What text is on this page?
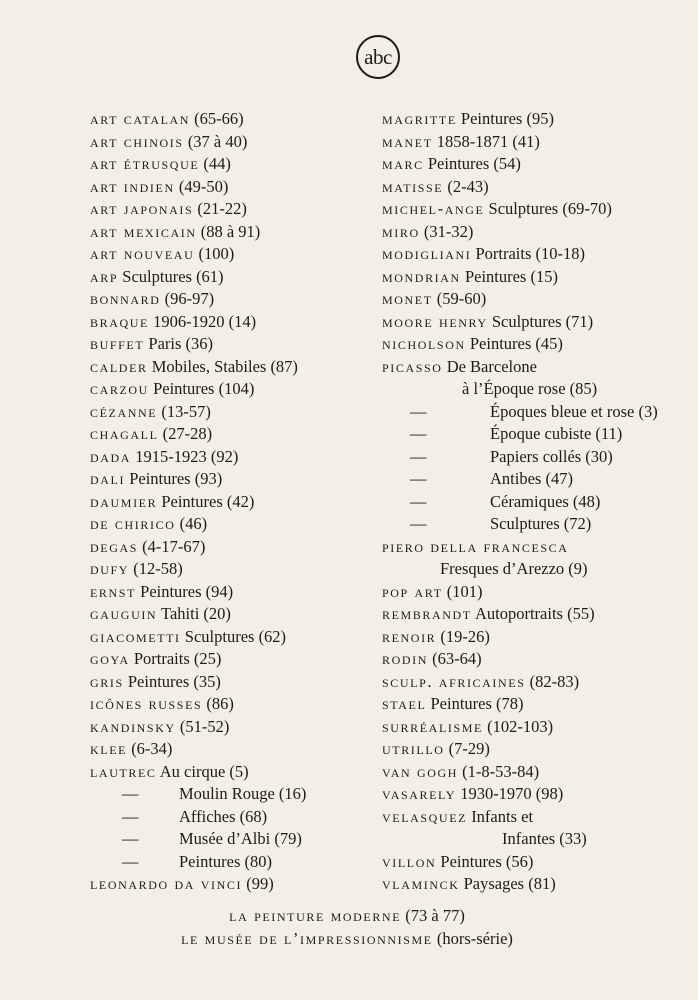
abc
art catalan (65-66)
art chinois (37 à 40)
art étrusque (44)
art indien (49-50)
art japonais (21-22)
art mexicain (88 à 91)
art nouveau (100)
arp Sculptures (61)
bonnard (96-97)
braque 1906-1920 (14)
buffet Paris (36)
calder Mobiles, Stabiles (87)
carzou Peintures (104)
cézanne (13-57)
chagall (27-28)
dada 1915-1923 (92)
dali Peintures (93)
daumier Peintures (42)
de chirico (46)
degas (4-17-67)
dufy (12-58)
ernst Peintures (94)
gauguin Tahiti (20)
giacometti Sculptures (62)
goya Portraits (25)
gris Peintures (35)
icônes russes (86)
kandinsky (51-52)
klee (6-34)
lautrec Au cirque (5)
— Moulin Rouge (16)
— Affiches (68)
— Musée d’Albi (79)
— Peintures (80)
leonardo da vinci (99)
magritte Peintures (95)
manet 1858-1871 (41)
marc Peintures (54)
matisse (2-43)
michel-ange Sculptures (69-70)
miro (31-32)
modigliani Portraits (10-18)
mondrian Peintures (15)
monet (59-60)
moore henry Sculptures (71)
nicholson Peintures (45)
picasso De Barcelone
à l’Époque rose (85)
—	Époques bleue et rose (3)
—	Époque cubiste (11)
—	Papiers collés (30)
—	Antibes (47)
—	Céramiques (48)
—	Sculptures (72)
piero della francesca
Fresques d’Arezzo (9)
pop art (101)
rembrandt Autoportraits (55)
renoir (19-26)
rodin (63-64)
sculp. africaines (82-83)
stael Peintures (78)
surréalisme (102-103)
utrillo (7-29)
van gogh (1-8-53-84)
vasarely 1930-1970 (98)
velasquez Infants et
Infantes (33)
villon Peintures (56)
vlaminck Paysages (81)
la peinture moderne (73 à 77)
le musée de l’impressionnisme (hors-série)
